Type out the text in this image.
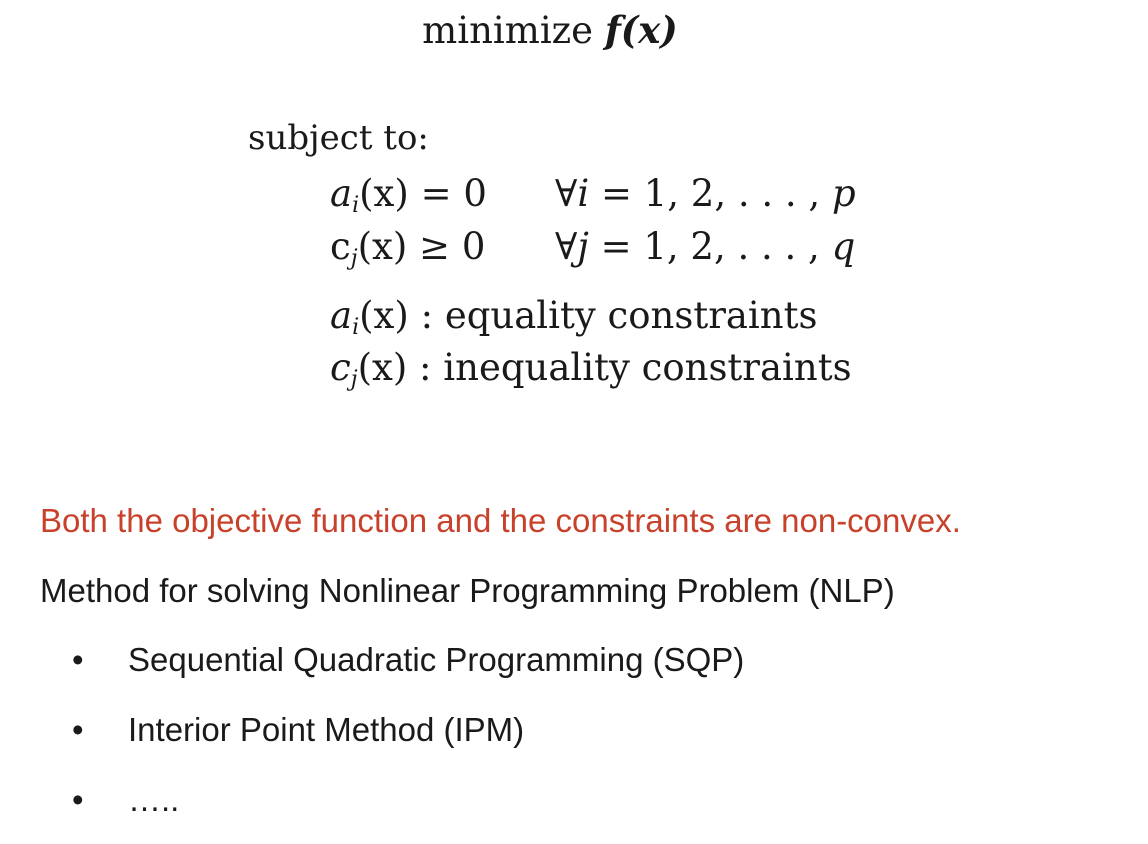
minimize f(x)
subject to:
$a_i(x) = 0$ ∀i = 1, 2, . . . , p
$c_j(x) \ge 0$ ∀j = 1, 2, . . . , q
$a_i(x)$ : equality constraints
$c_j(x)$ : inequality constraints
Both the objective function and the constraints are non-convex.
Method for solving Nonlinear Programming Problem (NLP)
• Sequential Quadratic Programming (SQP)
• Interior Point Method (IPM)
• …..
